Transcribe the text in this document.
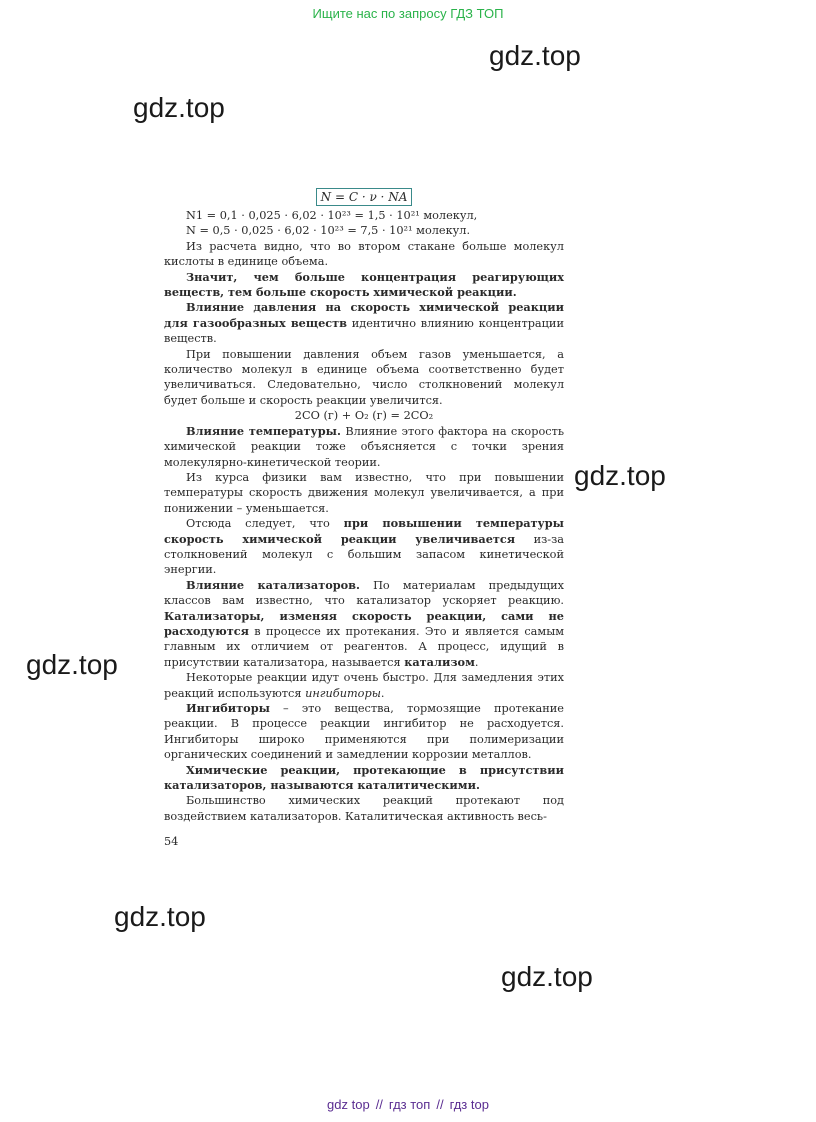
Ищите нас по запросу ГДЗ ТОП
gdz.top
gdz.top
gdz.top
gdz.top
gdz.top
gdz.top
N = C · ν · NA

N1 = 0,1 · 0,025 · 6,02 · 10²³ = 1,5 · 10²¹ молекул,

N = 0,5 · 0,025 · 6,02 · 10²³ = 7,5 · 10²¹ молекул.

Из расчета видно, что во втором стакане больше молекул кислоты в единице объема.

Значит, чем больше концентрация реагирующих веществ, тем больше скорость химической реакции.

Влияние давления на скорость химической реакции для газообразных веществ идентично влиянию концентрации веществ.

При повышении давления объем газов уменьшается, а количество молекул в единице объема соответственно будет увеличиваться. Следовательно, число столкновений молекул будет больше и скорость реакции увеличится.

2CO (г) + O₂ (г) = 2CO₂

Влияние температуры. Влияние этого фактора на скорость химической реакции тоже объясняется с точки зрения молекулярно-кинетической теории.

Из курса физики вам известно, что при повышении температуры скорость движения молекул увеличивается, а при понижении – уменьшается.

Отсюда следует, что при повышении температуры скорость химической реакции увеличивается из-за столкновений молекул с большим запасом кинетической энергии.

Влияние катализаторов. По материалам предыдущих классов вам известно, что катализатор ускоряет реакцию. Катализаторы, изменяя скорость реакции, сами не расходуются в процессе их протекания. Это и является самым главным их отличием от реагентов. А процесс, идущий в присутствии катализатора, называется катализом.

Некоторые реакции идут очень быстро. Для замедления этих реакций используются ингибиторы.

Ингибиторы – это вещества, тормозящие протекание реакции. В процессе реакции ингибитор не расходуется. Ингибиторы широко применяются при полимеризации органических соединений и замедлении коррозии металлов.

Химические реакции, протекающие в присутствии катализаторов, называются каталитическими.

Большинство химических реакций протекают под воздействием катализаторов. Каталитическая активность весь-

54

gdz top // гдз топ // гдз top
